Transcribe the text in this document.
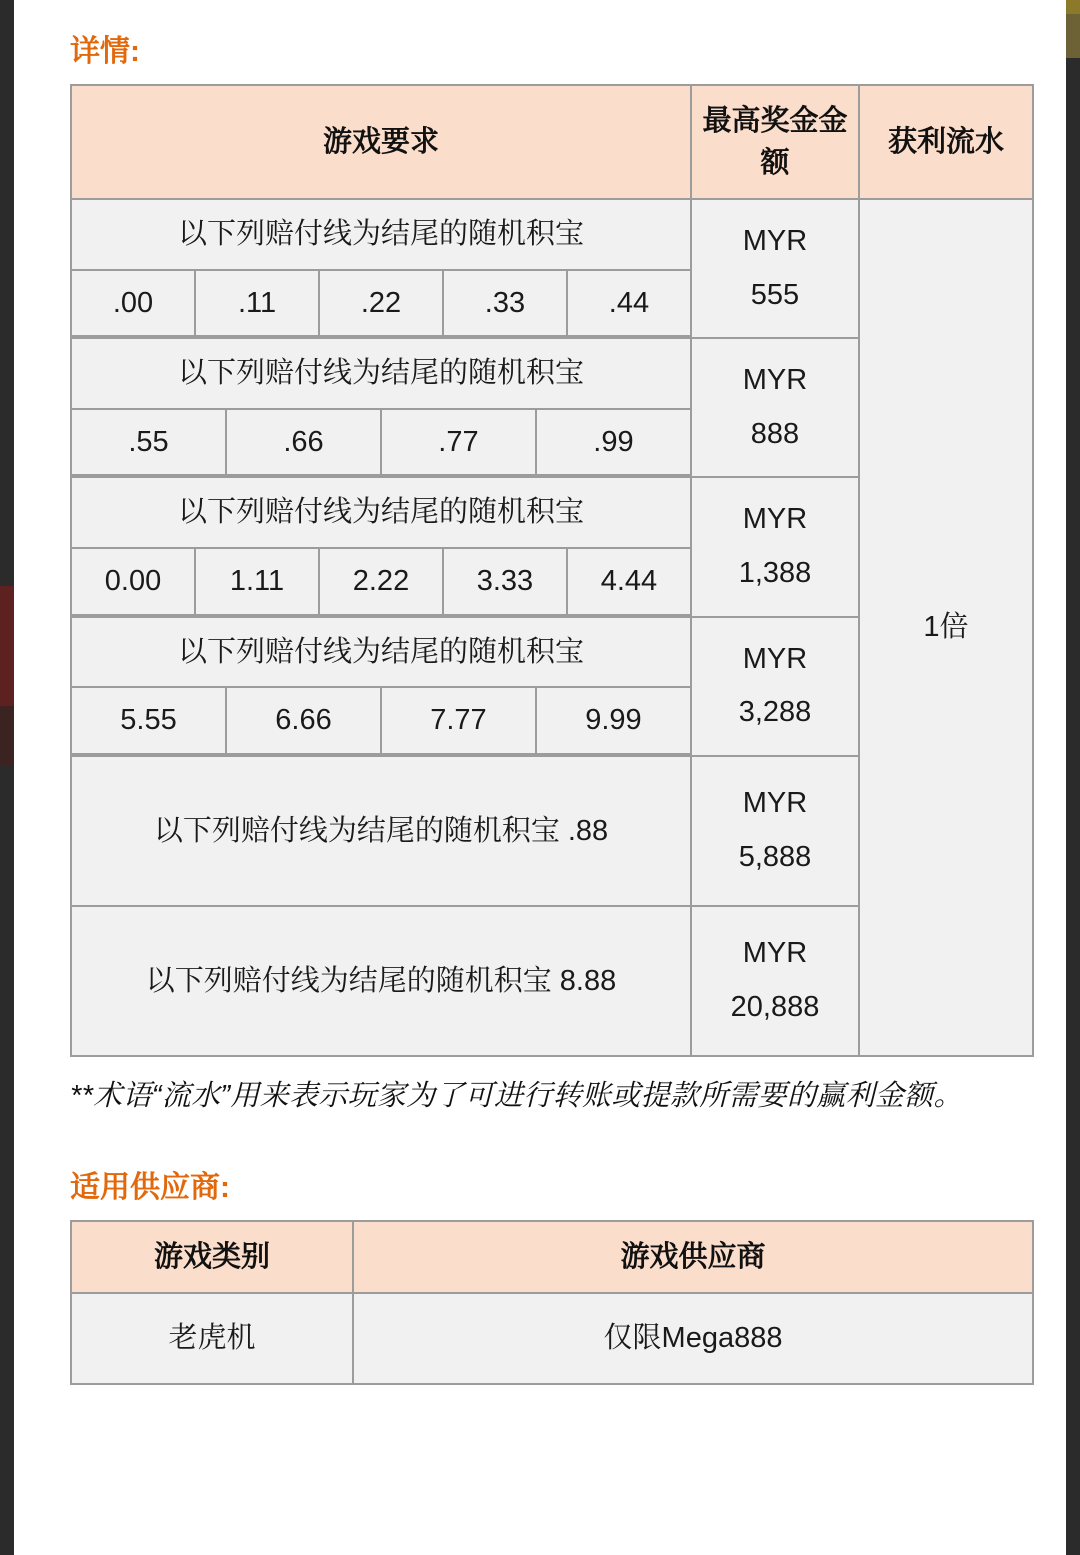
详情:
游戏要求	最高奖金金额	获利流水
以下列赔付线为结尾的随机积宝	MYR
555	1倍

.00	.11	.22	.33	.44

以下列赔付线为结尾的随机积宝	MYR
888

.55	.66	.77	.99

以下列赔付线为结尾的随机积宝	MYR
1,388

0.00	1.11	2.22	3.33	4.44

以下列赔付线为结尾的随机积宝	MYR
3,288

5.55	6.66	7.77	9.99

以下列赔付线为结尾的随机积宝 .88	MYR
5,888
以下列赔付线为结尾的随机积宝 8.88	MYR
20,888
**术语“流水”用来表示玩家为了可进行转账或提款所需要的赢利金额。
适用供应商:
游戏类别	游戏供应商
老虎机	仅限Mega888
